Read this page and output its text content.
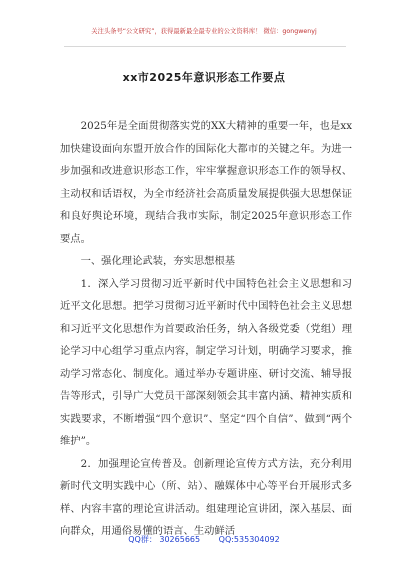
关注头条号“公文研究”，获得最新最全最专业的公文资料库！ 微信：gongwenyj
xx市2025年意识形态工作要点

2025年是全面贯彻落实党的XX大精神的重要一年，也是xx加快建设面向东盟开放合作的国际化大都市的关键之年。为进一步加强和改进意识形态工作，牢牢掌握意识形态工作的领导权、主动权和话语权，为全市经济社会高质量发展提供强大思想保证和良好舆论环境，现结合我市实际，制定2025年意识形态工作要点。

一、强化理论武装，夯实思想根基

1．深入学习贯彻习近平新时代中国特色社会主义思想和习近平文化思想。把学习贯彻习近平新时代中国特色社会主义思想和习近平文化思想作为首要政治任务，纳入各级党委（党组）理论学习中心组学习重点内容，制定学习计划，明确学习要求，推动学习常态化、制度化。通过举办专题讲座、研讨交流、辅导报告等形式，引导广大党员干部深刻领会其丰富内涵、精神实质和实践要求，不断增强“四个意识”、坚定“四个自信”、做到“两个维护”。

2．加强理论宣传普及。创新理论宣传方式方法，充分利用新时代文明实践中心（所、站）、融媒体中心等平台开展形式多样、内容丰富的理论宣讲活动。组建理论宣讲团，深入基层、面向群众，用通俗易懂的语言、生动鲜活

QQ群： 30265665 QQ:535304092
